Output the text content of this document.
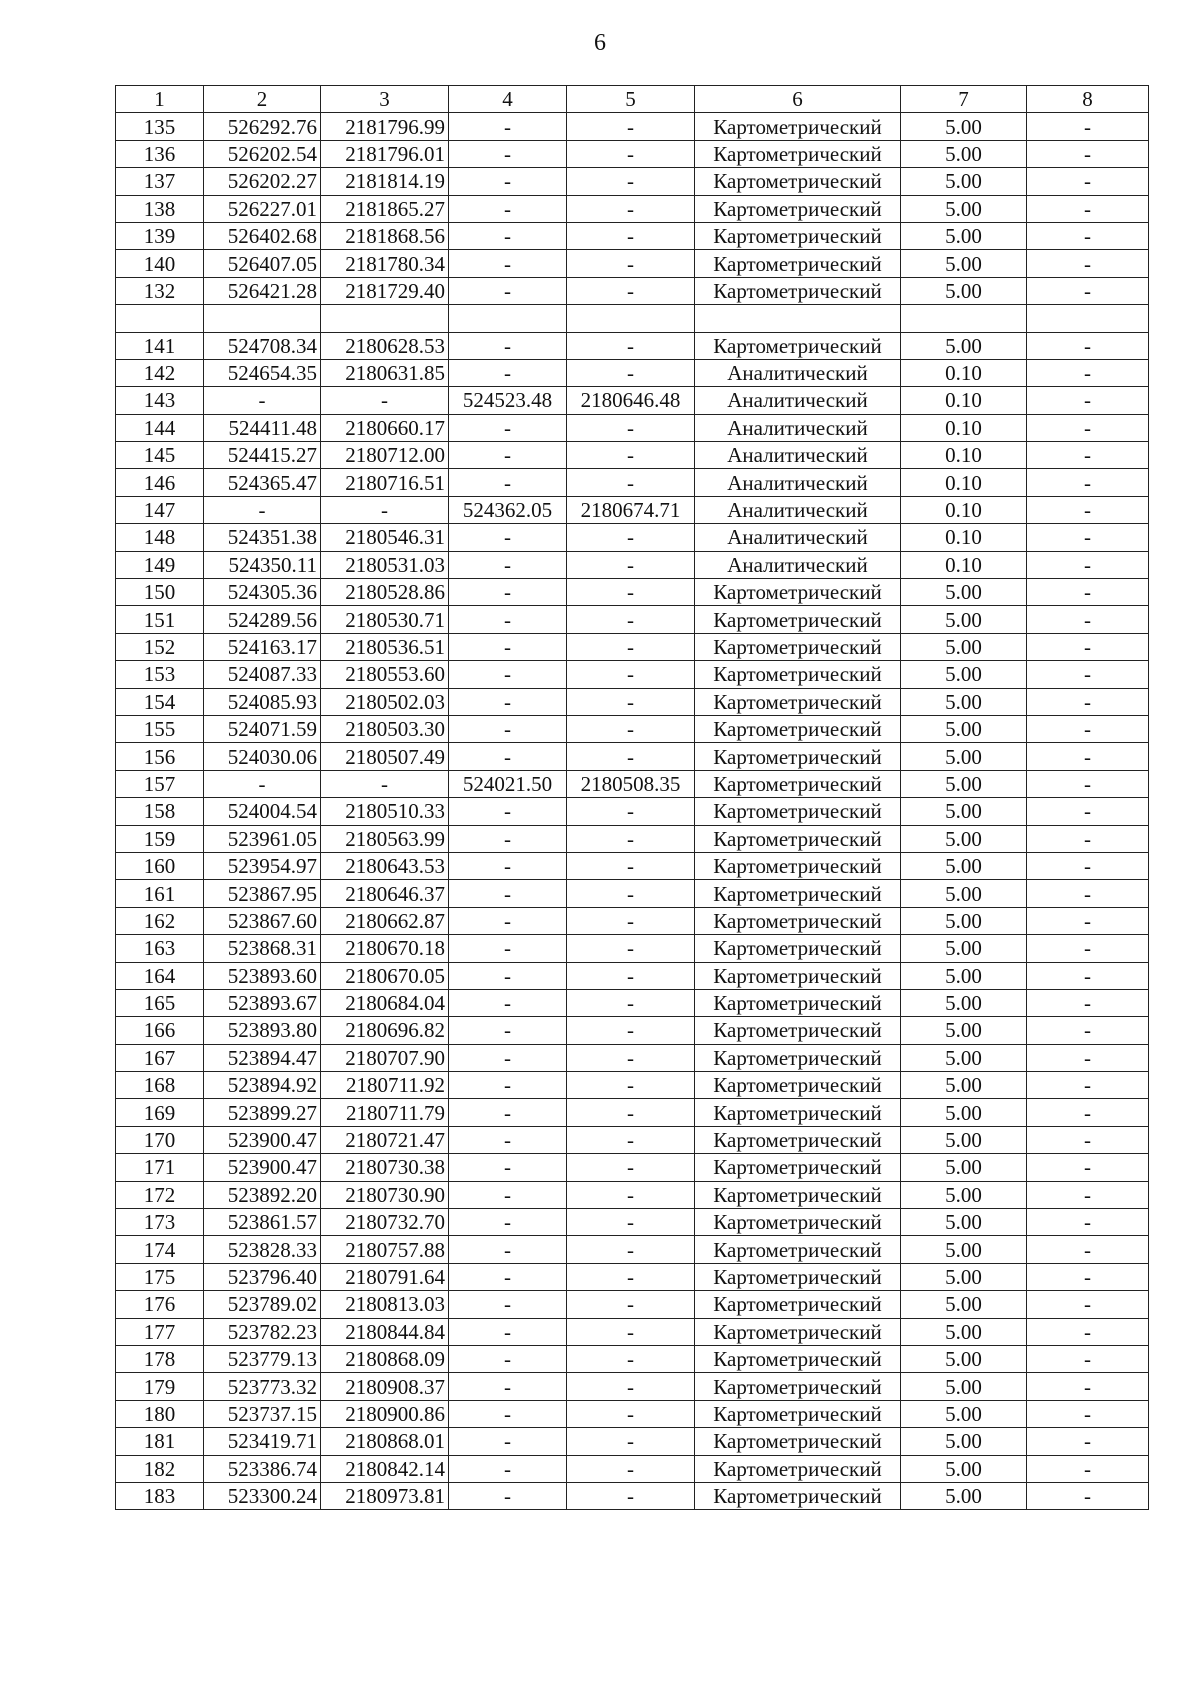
6
1	2	3	4	5	6	7	8
135	526292.76	2181796.99	-	-	Картометрический	5.00	-
136	526202.54	2181796.01	-	-	Картометрический	5.00	-
137	526202.27	2181814.19	-	-	Картометрический	5.00	-
138	526227.01	2181865.27	-	-	Картометрический	5.00	-
139	526402.68	2181868.56	-	-	Картометрический	5.00	-
140	526407.05	2181780.34	-	-	Картометрический	5.00	-
132	526421.28	2181729.40	-	-	Картометрический	5.00	-

141	524708.34	2180628.53	-	-	Картометрический	5.00	-
142	524654.35	2180631.85	-	-	Аналитический	0.10	-
143	-	-	524523.48	2180646.48	Аналитический	0.10	-
144	524411.48	2180660.17	-	-	Аналитический	0.10	-
145	524415.27	2180712.00	-	-	Аналитический	0.10	-
146	524365.47	2180716.51	-	-	Аналитический	0.10	-
147	-	-	524362.05	2180674.71	Аналитический	0.10	-
148	524351.38	2180546.31	-	-	Аналитический	0.10	-
149	524350.11	2180531.03	-	-	Аналитический	0.10	-
150	524305.36	2180528.86	-	-	Картометрический	5.00	-
151	524289.56	2180530.71	-	-	Картометрический	5.00	-
152	524163.17	2180536.51	-	-	Картометрический	5.00	-
153	524087.33	2180553.60	-	-	Картометрический	5.00	-
154	524085.93	2180502.03	-	-	Картометрический	5.00	-
155	524071.59	2180503.30	-	-	Картометрический	5.00	-
156	524030.06	2180507.49	-	-	Картометрический	5.00	-
157	-	-	524021.50	2180508.35	Картометрический	5.00	-
158	524004.54	2180510.33	-	-	Картометрический	5.00	-
159	523961.05	2180563.99	-	-	Картометрический	5.00	-
160	523954.97	2180643.53	-	-	Картометрический	5.00	-
161	523867.95	2180646.37	-	-	Картометрический	5.00	-
162	523867.60	2180662.87	-	-	Картометрический	5.00	-
163	523868.31	2180670.18	-	-	Картометрический	5.00	-
164	523893.60	2180670.05	-	-	Картометрический	5.00	-
165	523893.67	2180684.04	-	-	Картометрический	5.00	-
166	523893.80	2180696.82	-	-	Картометрический	5.00	-
167	523894.47	2180707.90	-	-	Картометрический	5.00	-
168	523894.92	2180711.92	-	-	Картометрический	5.00	-
169	523899.27	2180711.79	-	-	Картометрический	5.00	-
170	523900.47	2180721.47	-	-	Картометрический	5.00	-
171	523900.47	2180730.38	-	-	Картометрический	5.00	-
172	523892.20	2180730.90	-	-	Картометрический	5.00	-
173	523861.57	2180732.70	-	-	Картометрический	5.00	-
174	523828.33	2180757.88	-	-	Картометрический	5.00	-
175	523796.40	2180791.64	-	-	Картометрический	5.00	-
176	523789.02	2180813.03	-	-	Картометрический	5.00	-
177	523782.23	2180844.84	-	-	Картометрический	5.00	-
178	523779.13	2180868.09	-	-	Картометрический	5.00	-
179	523773.32	2180908.37	-	-	Картометрический	5.00	-
180	523737.15	2180900.86	-	-	Картометрический	5.00	-
181	523419.71	2180868.01	-	-	Картометрический	5.00	-
182	523386.74	2180842.14	-	-	Картометрический	5.00	-
183	523300.24	2180973.81	-	-	Картометрический	5.00	-
